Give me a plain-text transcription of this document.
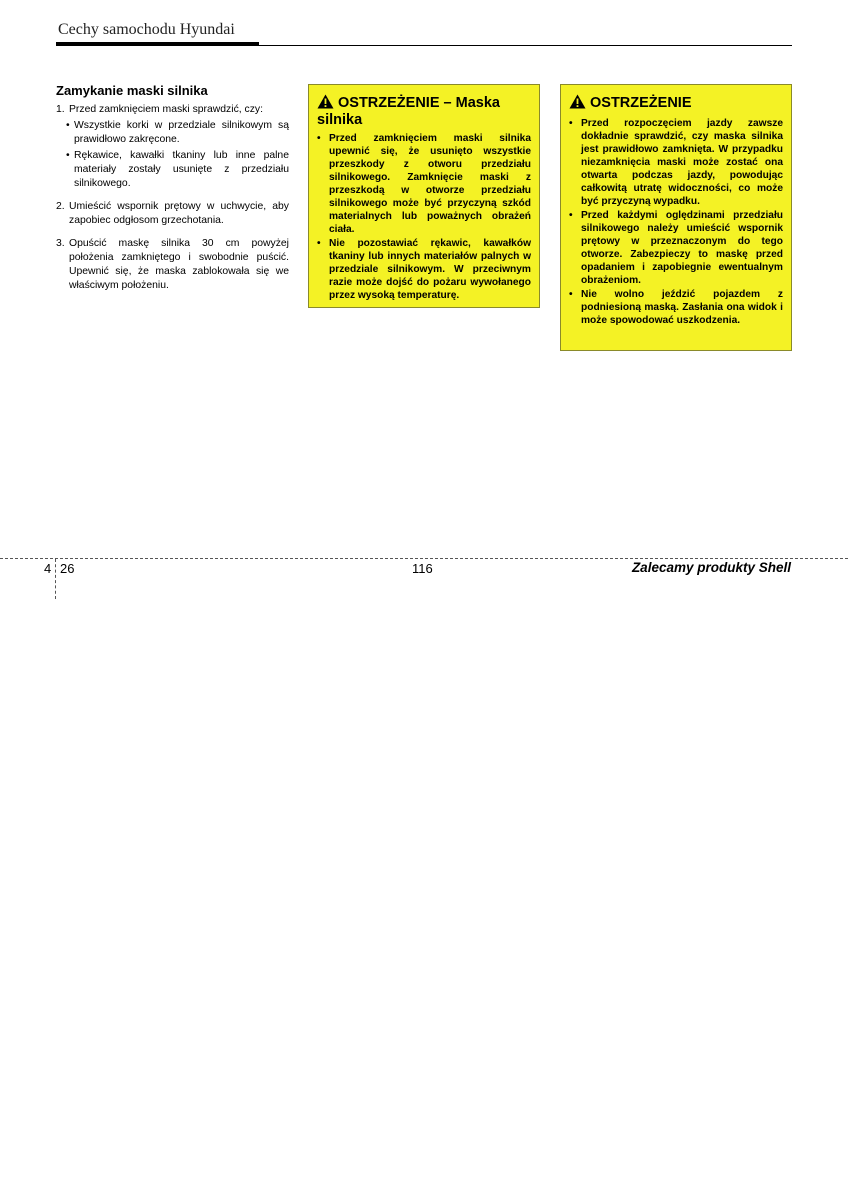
Cechy samochodu Hyundai
Zamykanie maski silnika
1. Przed zamknięciem maski sprawdzić, czy:
• Wszystkie korki w przedziale silnikowym są prawidłowo zakręcone.
• Rękawice, kawałki tkaniny lub inne palne materiały zostały usunięte z przedziału silnikowego.
2. Umieścić wspornik prętowy w uchwycie, aby zapobiec odgłosom grzechotania.
3. Opuścić maskę silnika 30 cm powyżej położenia zamkniętego i swobodnie puścić. Upewnić się, że maska zablokowała się we właściwym położeniu.
OSTRZEŻENIE – Maska silnika
• Przed zamknięciem maski silnika upewnić się, że usunięto wszystkie przeszkody z otworu przedziału silnikowego. Zamknięcie maski z przeszkodą w otworze przedziału silnikowego może być przyczyną szkód materialnych lub poważnych obrażeń ciała.
• Nie pozostawiać rękawic, kawałków tkaniny lub innych materiałów palnych w przedziale silnikowym. W przeciwnym razie może dojść do pożaru wywołanego przez wysoką temperaturę.
OSTRZEŻENIE
• Przed rozpoczęciem jazdy zawsze dokładnie sprawdzić, czy maska silnika jest prawidłowo zamknięta. W przypadku niezamknięcia maski może zostać ona otwarta podczas jazdy, powodując całkowitą utratę widoczności, co może być przyczyną wypadku.
• Przed każdymi oględzinami przedziału silnikowego należy umieścić wspornik prętowy w przeznaczonym do tego otworze. Zabezpieczy to maskę przed opadaniem i zapobiegnie ewentualnym obrażeniom.
• Nie wolno jeździć pojazdem z podniesioną maską. Zasłania ona widok i może spowodować uszkodzenia.
4 26	116	Zalecamy produkty Shell
